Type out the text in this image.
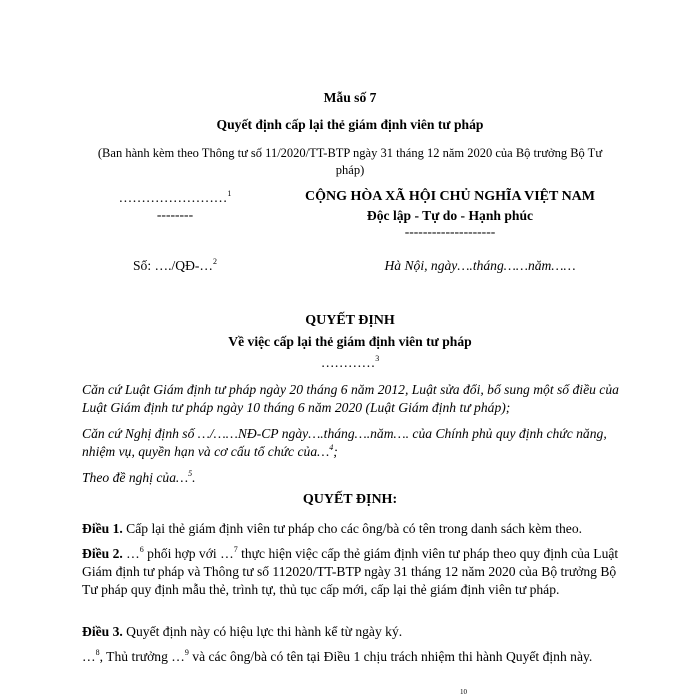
Mẫu số 7
Quyết định cấp lại thẻ giám định viên tư pháp
(Ban hành kèm theo Thông tư số 11/2020/TT-BTP ngày 31 tháng 12 năm 2020 của Bộ trưởng Bộ Tư
pháp)
……………………$^1$
--------
Số: …./QĐ-…$^2$
CỘNG HÒA XÃ HỘI CHỦ NGHĨA VIỆT NAM
Độc lập - Tự do - Hạnh phúc
--------------------
Hà Nội, ngày….tháng……năm……
QUYẾT ĐỊNH
Về việc cấp lại thẻ giám định viên tư pháp
…………$^3$
Căn cứ Luật Giám định tư pháp ngày 20 tháng 6 năm 2012, Luật sửa đổi, bổ sung một số điều của Luật Giám định tư pháp ngày 10 tháng 6 năm 2020 (Luật Giám định tư pháp);
Căn cứ Nghị định số …/……NĐ-CP ngày….tháng….năm…. của Chính phủ quy định chức năng, nhiệm vụ, quyền hạn và cơ cấu tổ chức của…$^4$;
Theo đề nghị của…$^5$.
QUYẾT ĐỊNH:
Điều 1. Cấp lại thẻ giám định viên tư pháp cho các ông/bà có tên trong danh sách kèm theo.
Điều 2. …$^6$ phối hợp với …$^7$ thực hiện việc cấp thẻ giám định viên tư pháp theo quy định của Luật Giám định tư pháp và Thông tư số 112020/TT-BTP ngày 31 tháng 12 năm 2020 của Bộ trưởng Bộ Tư pháp quy định mẫu thẻ, trình tự, thủ tục cấp mới, cấp lại thẻ giám định viên tư pháp.
Điều 3. Quyết định này có hiệu lực thi hành kể từ ngày ký.
…$^8$, Thủ trưởng …$^9$ và các ông/bà có tên tại Điều 1 chịu trách nhiệm thi hành Quyết định này.
10
